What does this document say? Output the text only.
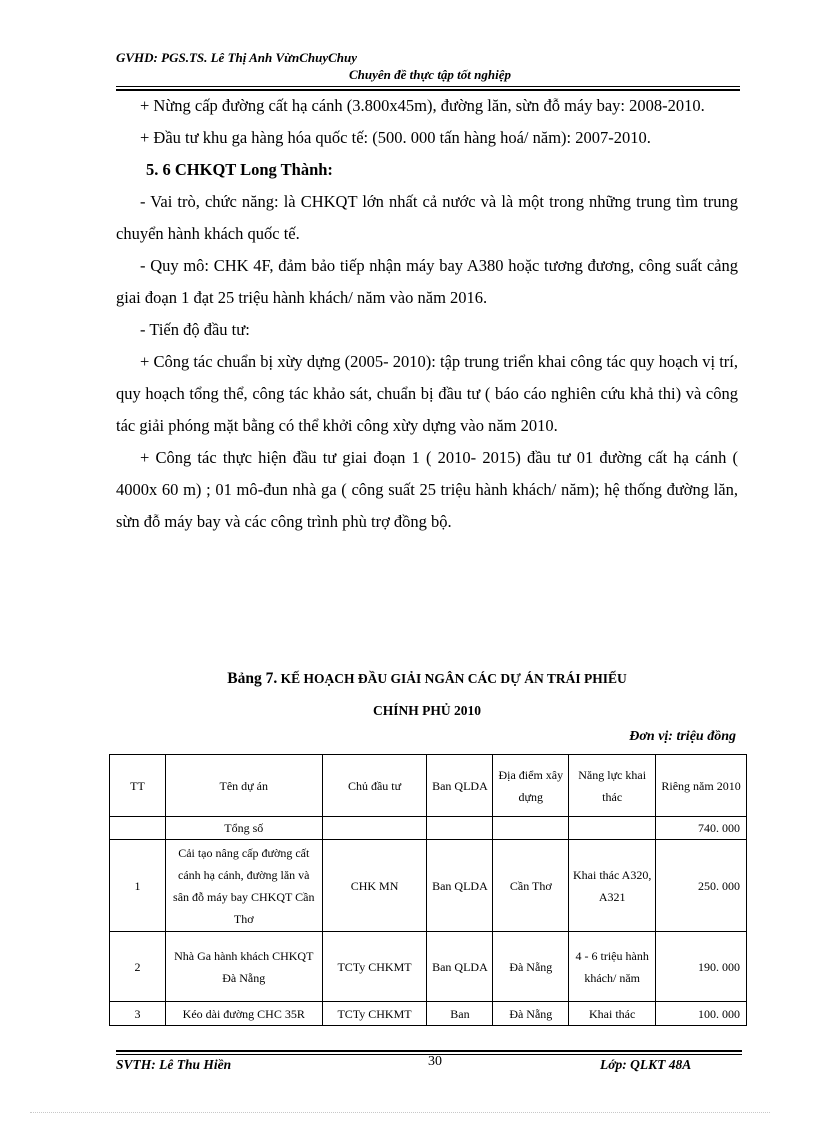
GVHD: PGS.TS. Lê Thị Anh VừnChuyChuy
Chuyên đề thực tập tốt nghiệp

+ Nừng cấp đường cất hạ cánh (3.800x45m), đường lăn, sừn đỗ máy bay: 2008-2010.

+ Đầu tư khu ga hàng hóa quốc tế: (500. 000 tấn hàng hoá/ năm): 2007-2010.

5. 6 CHKQT Long Thành:

- Vai trò, chức năng: là CHKQT lớn nhất cả nước và là một trong những trung tìm trung chuyển hành khách quốc tế.

- Quy mô: CHK 4F, đảm bảo tiếp nhận máy bay A380 hoặc tương đương, công suất cảng giai đoạn 1 đạt 25 triệu hành khách/ năm vào năm 2016.

- Tiến độ đầu tư:

+ Công tác chuẩn bị xừy dựng (2005- 2010): tập trung triển khai công tác quy hoạch vị trí, quy hoạch tổng thể, công tác khảo sát, chuẩn bị đầu tư ( báo cáo nghiên cứu khả thi) và công tác giải phóng mặt bằng có thể khởi công xừy dựng vào năm 2010.

+ Công tác thực hiện đầu tư giai đoạn 1 ( 2010- 2015) đầu tư 01 đường cất hạ cánh ( 4000x 60 m) ; 01 mô-đun nhà ga ( công suất 25 triệu hành khách/ năm); hệ thống đường lăn, sừn đỗ máy bay và các công trình phù trợ đồng bộ.

Bảng 7. KẾ HOẠCH ĐẦU GIẢI NGÂN CÁC DỰ ÁN TRÁI PHIẾU
CHÍNH PHỦ 2010
Đơn vị: triệu đồng
TT	Tên dự án	Chủ đầu tư	Ban QLDA	Địa điểm xây dựng	Năng lực khai thác	Riêng năm 2010
	Tổng số					740. 000
1	Cải tạo nâng cấp đường cất cánh hạ cánh, đường lăn và sân đỗ máy bay CHKQT Cần Thơ	CHK MN	Ban QLDA	Cần Thơ	Khai thác A320, A321	250. 000
2	Nhà Ga hành khách CHKQT Đà Nẵng	TCTy CHKMT	Ban QLDA	Đà Nẵng	4 - 6 triệu hành khách/ năm	190. 000
3	Kéo dài đường CHC 35R	TCTy CHKMT	Ban	Đà Nẵng	Khai thác	100. 000
SVTH: Lê Thu Hiền	30	Lớp: QLKT 48A
